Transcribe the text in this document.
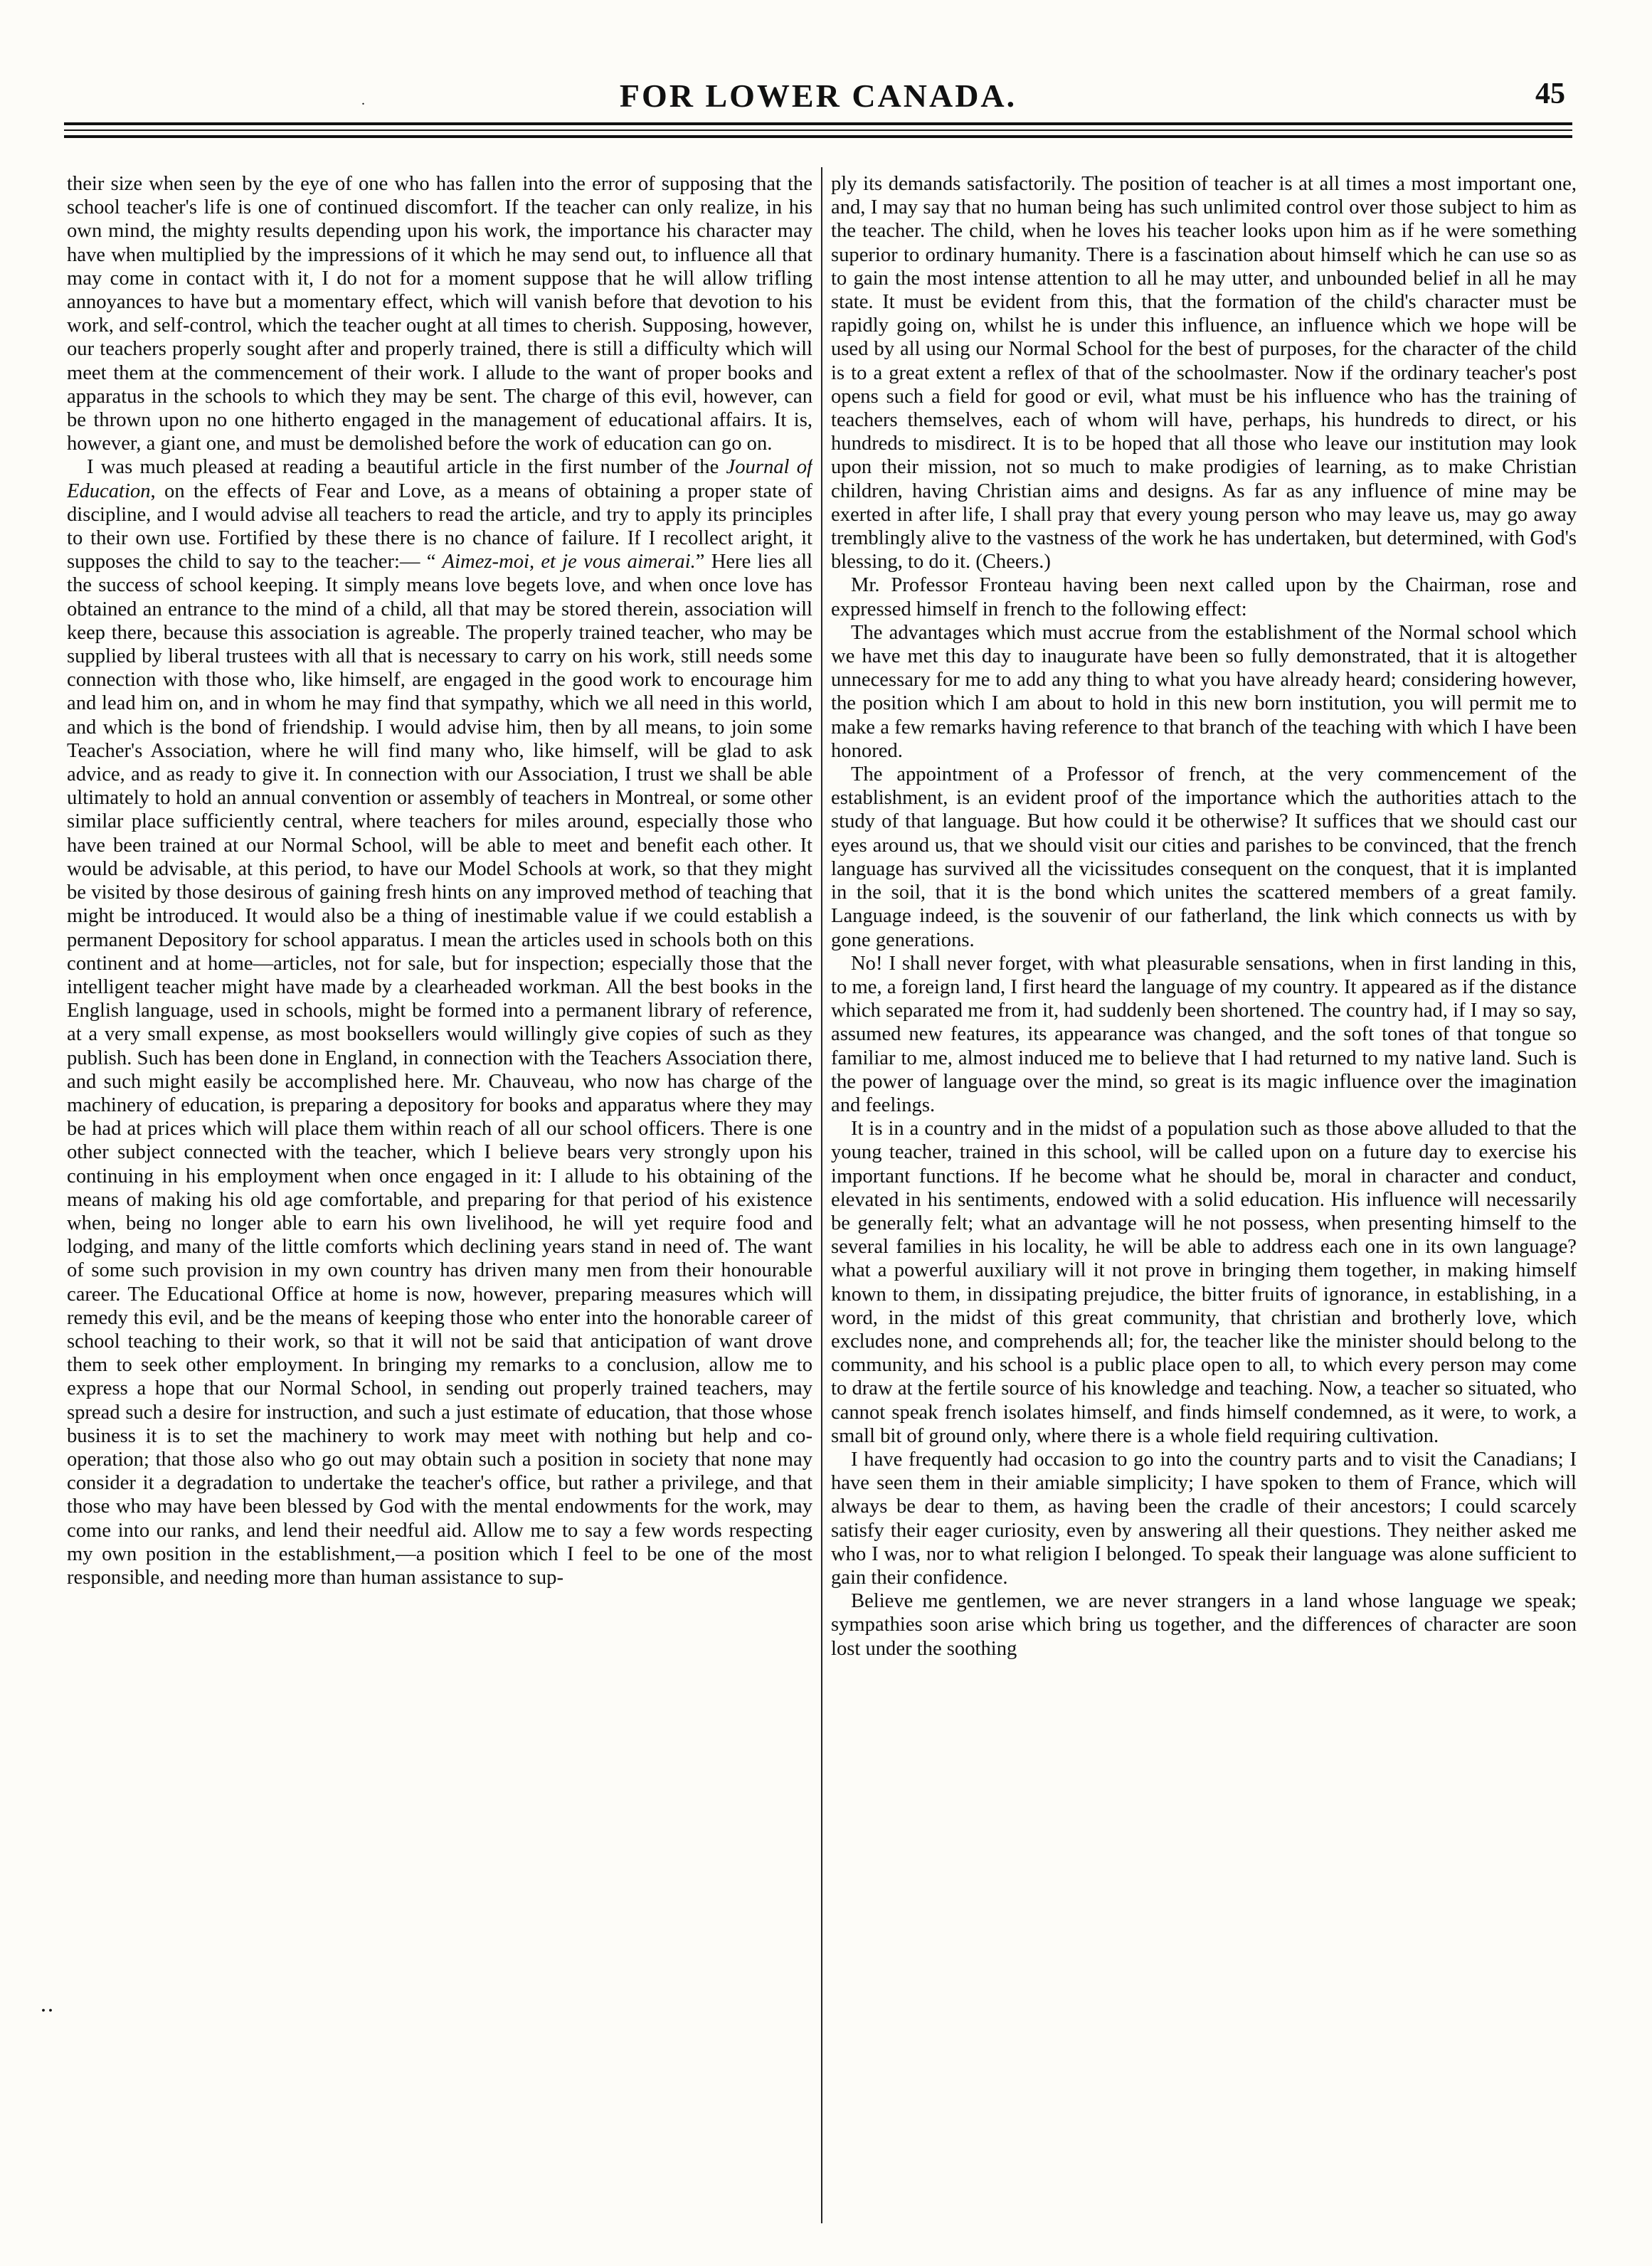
.	FOR LOWER CANADA.	45

their size when seen by the eye of one who has fallen into the error of supposing that the school teacher's life is one of continued discomfort. If the teacher can only realize, in his own mind, the mighty results depending upon his work, the importance his character may have when multiplied by the impressions of it which he may send out, to influence all that may come in contact with it, I do not for a moment suppose that he will allow trifling annoyances to have but a momentary effect, which will vanish before that devotion to his work, and self-control, which the teacher ought at all times to cherish. Supposing, however, our teachers properly sought after and properly trained, there is still a difficulty which will meet them at the commencement of their work. I allude to the want of proper books and apparatus in the schools to which they may be sent. The charge of this evil, however, can be thrown upon no one hitherto engaged in the management of educational affairs. It is, however, a giant one, and must be demolished before the work of education can go on.

I was much pleased at reading a beautiful article in the first number of the Journal of Education, on the effects of Fear and Love, as a means of obtaining a proper state of discipline, and I would advise all teachers to read the article, and try to apply its principles to their own use. Fortified by these there is no chance of failure. If I recollect aright, it supposes the child to say to the teacher:— “ Aimez-moi, et je vous aimerai.” Here lies all the success of school keeping. It simply means love begets love, and when once love has obtained an entrance to the mind of a child, all that may be stored therein, association will keep there, because this association is agreable. The properly trained teacher, who may be supplied by liberal trustees with all that is necessary to carry on his work, still needs some connection with those who, like himself, are engaged in the good work to encourage him and lead him on, and in whom he may find that sympathy, which we all need in this world, and which is the bond of friendship. I would advise him, then by all means, to join some Teacher's Association, where he will find many who, like himself, will be glad to ask advice, and as ready to give it. In connection with our Association, I trust we shall be able ultimately to hold an annual convention or assembly of teachers in Montreal, or some other similar place sufficiently central, where teachers for miles around, especially those who have been trained at our Normal School, will be able to meet and benefit each other. It would be advisable, at this period, to have our Model Schools at work, so that they might be visited by those desirous of gaining fresh hints on any improved method of teaching that might be introduced. It would also be a thing of inestimable value if we could establish a permanent Depository for school apparatus. I mean the articles used in schools both on this continent and at home—articles, not for sale, but for inspection; especially those that the intelligent teacher might have made by a clearheaded workman. All the best books in the English language, used in schools, might be formed into a permanent library of reference, at a very small expense, as most booksellers would willingly give copies of such as they publish. Such has been done in England, in connection with the Teachers Association there, and such might easily be accomplished here. Mr. Chauveau, who now has charge of the machinery of education, is preparing a depository for books and apparatus where they may be had at prices which will place them within reach of all our school officers. There is one other subject connected with the teacher, which I believe bears very strongly upon his continuing in his employment when once engaged in it: I allude to his obtaining of the means of making his old age comfortable, and preparing for that period of his existence when, being no longer able to earn his own livelihood, he will yet require food and lodging, and many of the little comforts which declining years stand in need of. The want of some such provision in my own country has driven many men from their honourable career. The Educational Office at home is now, however, preparing measures which will remedy this evil, and be the means of keeping those who enter into the honorable career of school teaching to their work, so that it will not be said that anticipation of want drove them to seek other employment. In bringing my remarks to a conclusion, allow me to express a hope that our Normal School, in sending out properly trained teachers, may spread such a desire for instruction, and such a just estimate of education, that those whose business it is to set the machinery to work may meet with nothing but help and co-operation; that those also who go out may obtain such a position in society that none may consider it a degradation to undertake the teacher's office, but rather a privilege, and that those who may have been blessed by God with the mental endowments for the work, may come into our ranks, and lend their needful aid. Allow me to say a few words respecting my own position in the establishment,—a position which I feel to be one of the most responsible, and needing more than human assistance to sup-

ply its demands satisfactorily. The position of teacher is at all times a most important one, and, I may say that no human being has such unlimited control over those subject to him as the teacher. The child, when he loves his teacher looks upon him as if he were something superior to ordinary humanity. There is a fascination about himself which he can use so as to gain the most intense attention to all he may utter, and unbounded belief in all he may state. It must be evident from this, that the formation of the child's character must be rapidly going on, whilst he is under this influence, an influence which we hope will be used by all using our Normal School for the best of purposes, for the character of the child is to a great extent a reflex of that of the schoolmaster. Now if the ordinary teacher's post opens such a field for good or evil, what must be his influence who has the training of teachers themselves, each of whom will have, perhaps, his hundreds to direct, or his hundreds to misdirect. It is to be hoped that all those who leave our institution may look upon their mission, not so much to make prodigies of learning, as to make Christian children, having Christian aims and designs. As far as any influence of mine may be exerted in after life, I shall pray that every young person who may leave us, may go away tremblingly alive to the vastness of the work he has undertaken, but determined, with God's blessing, to do it. (Cheers.)

Mr. Professor Fronteau having been next called upon by the Chairman, rose and expressed himself in french to the following effect:

The advantages which must accrue from the establishment of the Normal school which we have met this day to inaugurate have been so fully demonstrated, that it is altogether unnecessary for me to add any thing to what you have already heard; considering however, the position which I am about to hold in this new born institution, you will permit me to make a few remarks having reference to that branch of the teaching with which I have been honored.

The appointment of a Professor of french, at the very commencement of the establishment, is an evident proof of the importance which the authorities attach to the study of that language. But how could it be otherwise? It suffices that we should cast our eyes around us, that we should visit our cities and parishes to be convinced, that the french language has survived all the vicissitudes consequent on the conquest, that it is implanted in the soil, that it is the bond which unites the scattered members of a great family. Language indeed, is the souvenir of our fatherland, the link which connects us with by gone generations.

No! I shall never forget, with what pleasurable sensations, when in first landing in this, to me, a foreign land, I first heard the language of my country. It appeared as if the distance which separated me from it, had suddenly been shortened. The country had, if I may so say, assumed new features, its appearance was changed, and the soft tones of that tongue so familiar to me, almost induced me to believe that I had returned to my native land. Such is the power of language over the mind, so great is its magic influence over the imagination and feelings.

It is in a country and in the midst of a population such as those above alluded to that the young teacher, trained in this school, will be called upon on a future day to exercise his important functions. If he become what he should be, moral in character and conduct, elevated in his sentiments, endowed with a solid education. His influence will necessarily be generally felt; what an advantage will he not possess, when presenting himself to the several families in his locality, he will be able to address each one in its own language? what a powerful auxiliary will it not prove in bringing them together, in making himself known to them, in dissipating prejudice, the bitter fruits of ignorance, in establishing, in a word, in the midst of this great community, that christian and brotherly love, which excludes none, and comprehends all; for, the teacher like the minister should belong to the community, and his school is a public place open to all, to which every person may come to draw at the fertile source of his knowledge and teaching. Now, a teacher so situated, who cannot speak french isolates himself, and finds himself condemned, as it were, to work, a small bit of ground only, where there is a whole field requiring cultivation.

I have frequently had occasion to go into the country parts and to visit the Canadians; I have seen them in their amiable simplicity; I have spoken to them of France, which will always be dear to them, as having been the cradle of their ancestors; I could scarcely satisfy their eager curiosity, even by answering all their questions. They neither asked me who I was, nor to what religion I belonged. To speak their language was alone sufficient to gain their confidence.

Believe me gentlemen, we are never strangers in a land whose language we speak; sympathies soon arise which bring us together, and the differences of character are soon lost under the soothing

‥
